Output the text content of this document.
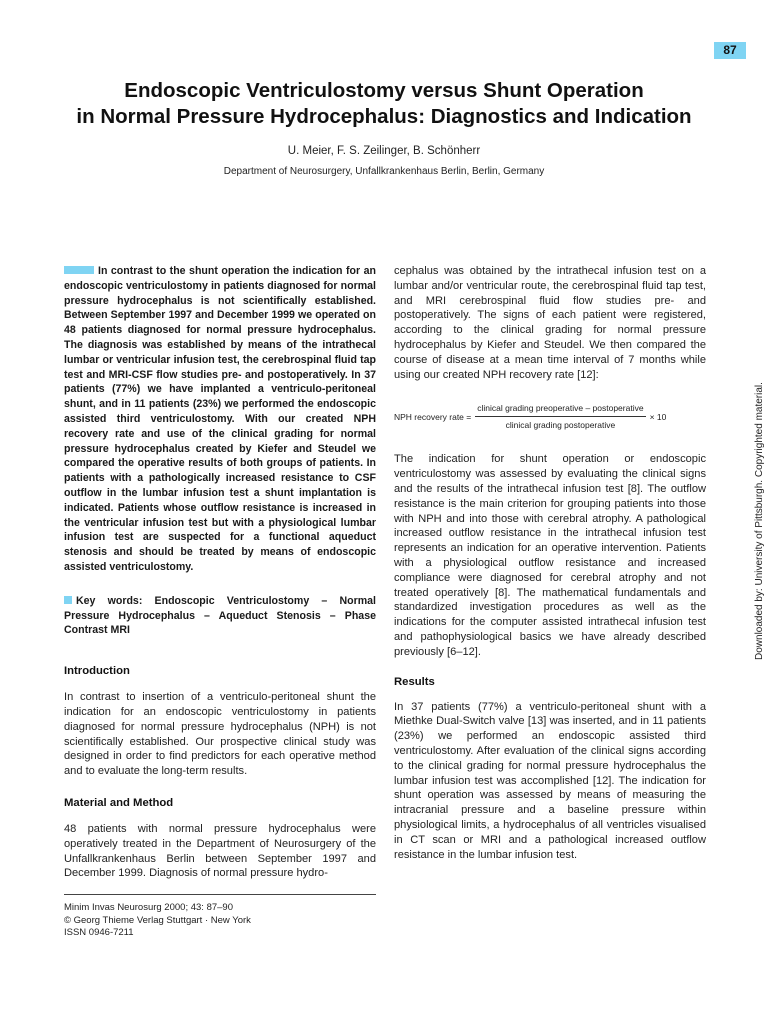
87
Endoscopic Ventriculostomy versus Shunt Operation
in Normal Pressure Hydrocephalus: Diagnostics and Indication
U. Meier, F. S. Zeilinger, B. Schönherr
Department of Neurosurgery, Unfallkrankenhaus Berlin, Berlin, Germany

In contrast to the shunt operation the indication for an endoscopic ventriculostomy in patients diagnosed for normal pressure hydrocephalus is not scientifically established. Between September 1997 and December 1999 we operated on 48 patients diagnosed for normal pressure hydrocephalus. The diagnosis was established by means of the intrathecal lumbar or ventricular infusion test, the cerebrospinal fluid tap test and MRI-CSF flow studies pre- and postoperatively. In 37 patients (77%) we have implanted a ventriculo-peritoneal shunt, and in 11 patients (23%) we performed the endoscopic assisted third ventriculostomy. With our created NPH recovery rate and use of the clinical grading for normal pressure hydrocephalus created by Kiefer and Steudel we compared the operative results of both groups of patients. In patients with a pathologically increased resistance to CSF outflow in the lumbar infusion test a shunt implantation is indicated. Patients whose outflow resistance is increased in the ventricular infusion test but with a physiological lumbar infusion test are suspected for a functional aqueduct stenosis and should be treated by means of endoscopic assisted ventriculostomy.

Key words: Endoscopic Ventriculostomy – Normal Pressure Hydrocephalus – Aqueduct Stenosis – Phase Contrast MRI

Introduction

In contrast to insertion of a ventriculo-peritoneal shunt the indication for an endoscopic ventriculostomy in patients diagnosed for normal pressure hydrocephalus (NPH) is not scientifically established. Our prospective clinical study was designed in order to find predictors for each operative method and to evaluate the long-term results.

Material and Method

48 patients with normal pressure hydrocephalus were operatively treated in the Department of Neurosurgery of the Unfallkrankenhaus Berlin between September 1997 and December 1999. Diagnosis of normal pressure hydro-

cephalus was obtained by the intrathecal infusion test on a lumbar and/or ventricular route, the cerebrospinal fluid tap test, and MRI cerebrospinal fluid flow studies pre- and postoperatively. The signs of each patient were registered, according to the clinical grading for normal pressure hydrocephalus by Kiefer and Steudel. We then compared the course of disease at a mean time interval of 7 months while using our created NPH recovery rate [12]:

NPH recovery rate = $\frac{\text{clinical grading preoperative – postoperative}}{\text{clinical grading postoperative}} \times 10$

The indication for shunt operation or endoscopic ventriculostomy was assessed by evaluating the clinical signs and the results of the intrathecal infusion test [8]. The outflow resistance is the main criterion for grouping patients into those with NPH and into those with cerebral atrophy. A pathological increased outflow resistance in the intrathecal infusion test represents an indication for an operative intervention. Patients with a physiological outflow resistance and increased compliance were diagnosed for cerebral atrophy and not treated operatively [8]. The mathematical fundamentals and standardized investigation procedures as well as the indications for the computer assisted intrathecal infusion test and pathophysiological basics we have already described previously [6–12].

Results

In 37 patients (77%) a ventriculo-peritoneal shunt with a Miethke Dual-Switch valve [13] was inserted, and in 11 patients (23%) we performed an endoscopic assisted third ventriculostomy. After evaluation of the clinical signs according to the clinical grading for normal pressure hydrocephalus the lumbar infusion test was accomplished [12]. The indication for shunt operation was assessed by means of measuring the intracranial pressure and a baseline pressure within physiological limits, a hydrocephalus of all ventricles visualised in CT scan or MRI and a pathological increased outflow resistance in the lumbar infusion test.

Minim Invas Neurosurg 2000; 43: 87–90
© Georg Thieme Verlag Stuttgart · New York
ISSN 0946-7211
Downloaded by: University of Pittsburgh. Copyrighted material.
